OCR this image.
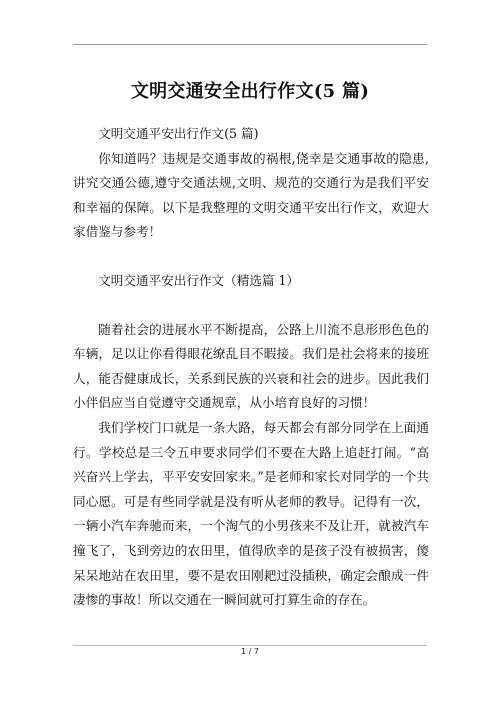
文明交通安全出行作文(5 篇)

文明交通平安出行作文(5 篇)

你知道吗？违规是交通事故的祸根,侥幸是交通事故的隐患,讲究交通公德,遵守交通法规,文明、规范的交通行为是我们平安和幸福的保障。以下是我整理的文明交通平安出行作文，欢迎大家借鉴与参考！

文明交通平安出行作文（精选篇 1）

随着社会的进展水平不断提高，公路上川流不息形形色色的车辆，足以让你看得眼花缭乱目不暇接。我们是社会将来的接班人，能否健康成长，关系到民族的兴衰和社会的进步。因此我们小伴侣应当自觉遵守交通规章，从小培育良好的习惯！

我们学校门口就是一条大路，每天都会有部分同学在上面通行。学校总是三令五申要求同学们不要在大路上追赶打闹。“高兴奋兴上学去，平平安安回家来。”是老师和家长对同学的一个共同心愿。可是有些同学就是没有听从老师的教导。记得有一次，一辆小汽车奔驰而来，一个淘气的小男孩来不及让开，就被汽车撞飞了，飞到旁边的农田里，值得欣幸的是孩子没有被损害，傻呆呆地站在农田里，要不是农田刚耙过没插秧，确定会酿成一件凄惨的事故！所以交通在一瞬间就可打算生命的存在。

1 / 7
